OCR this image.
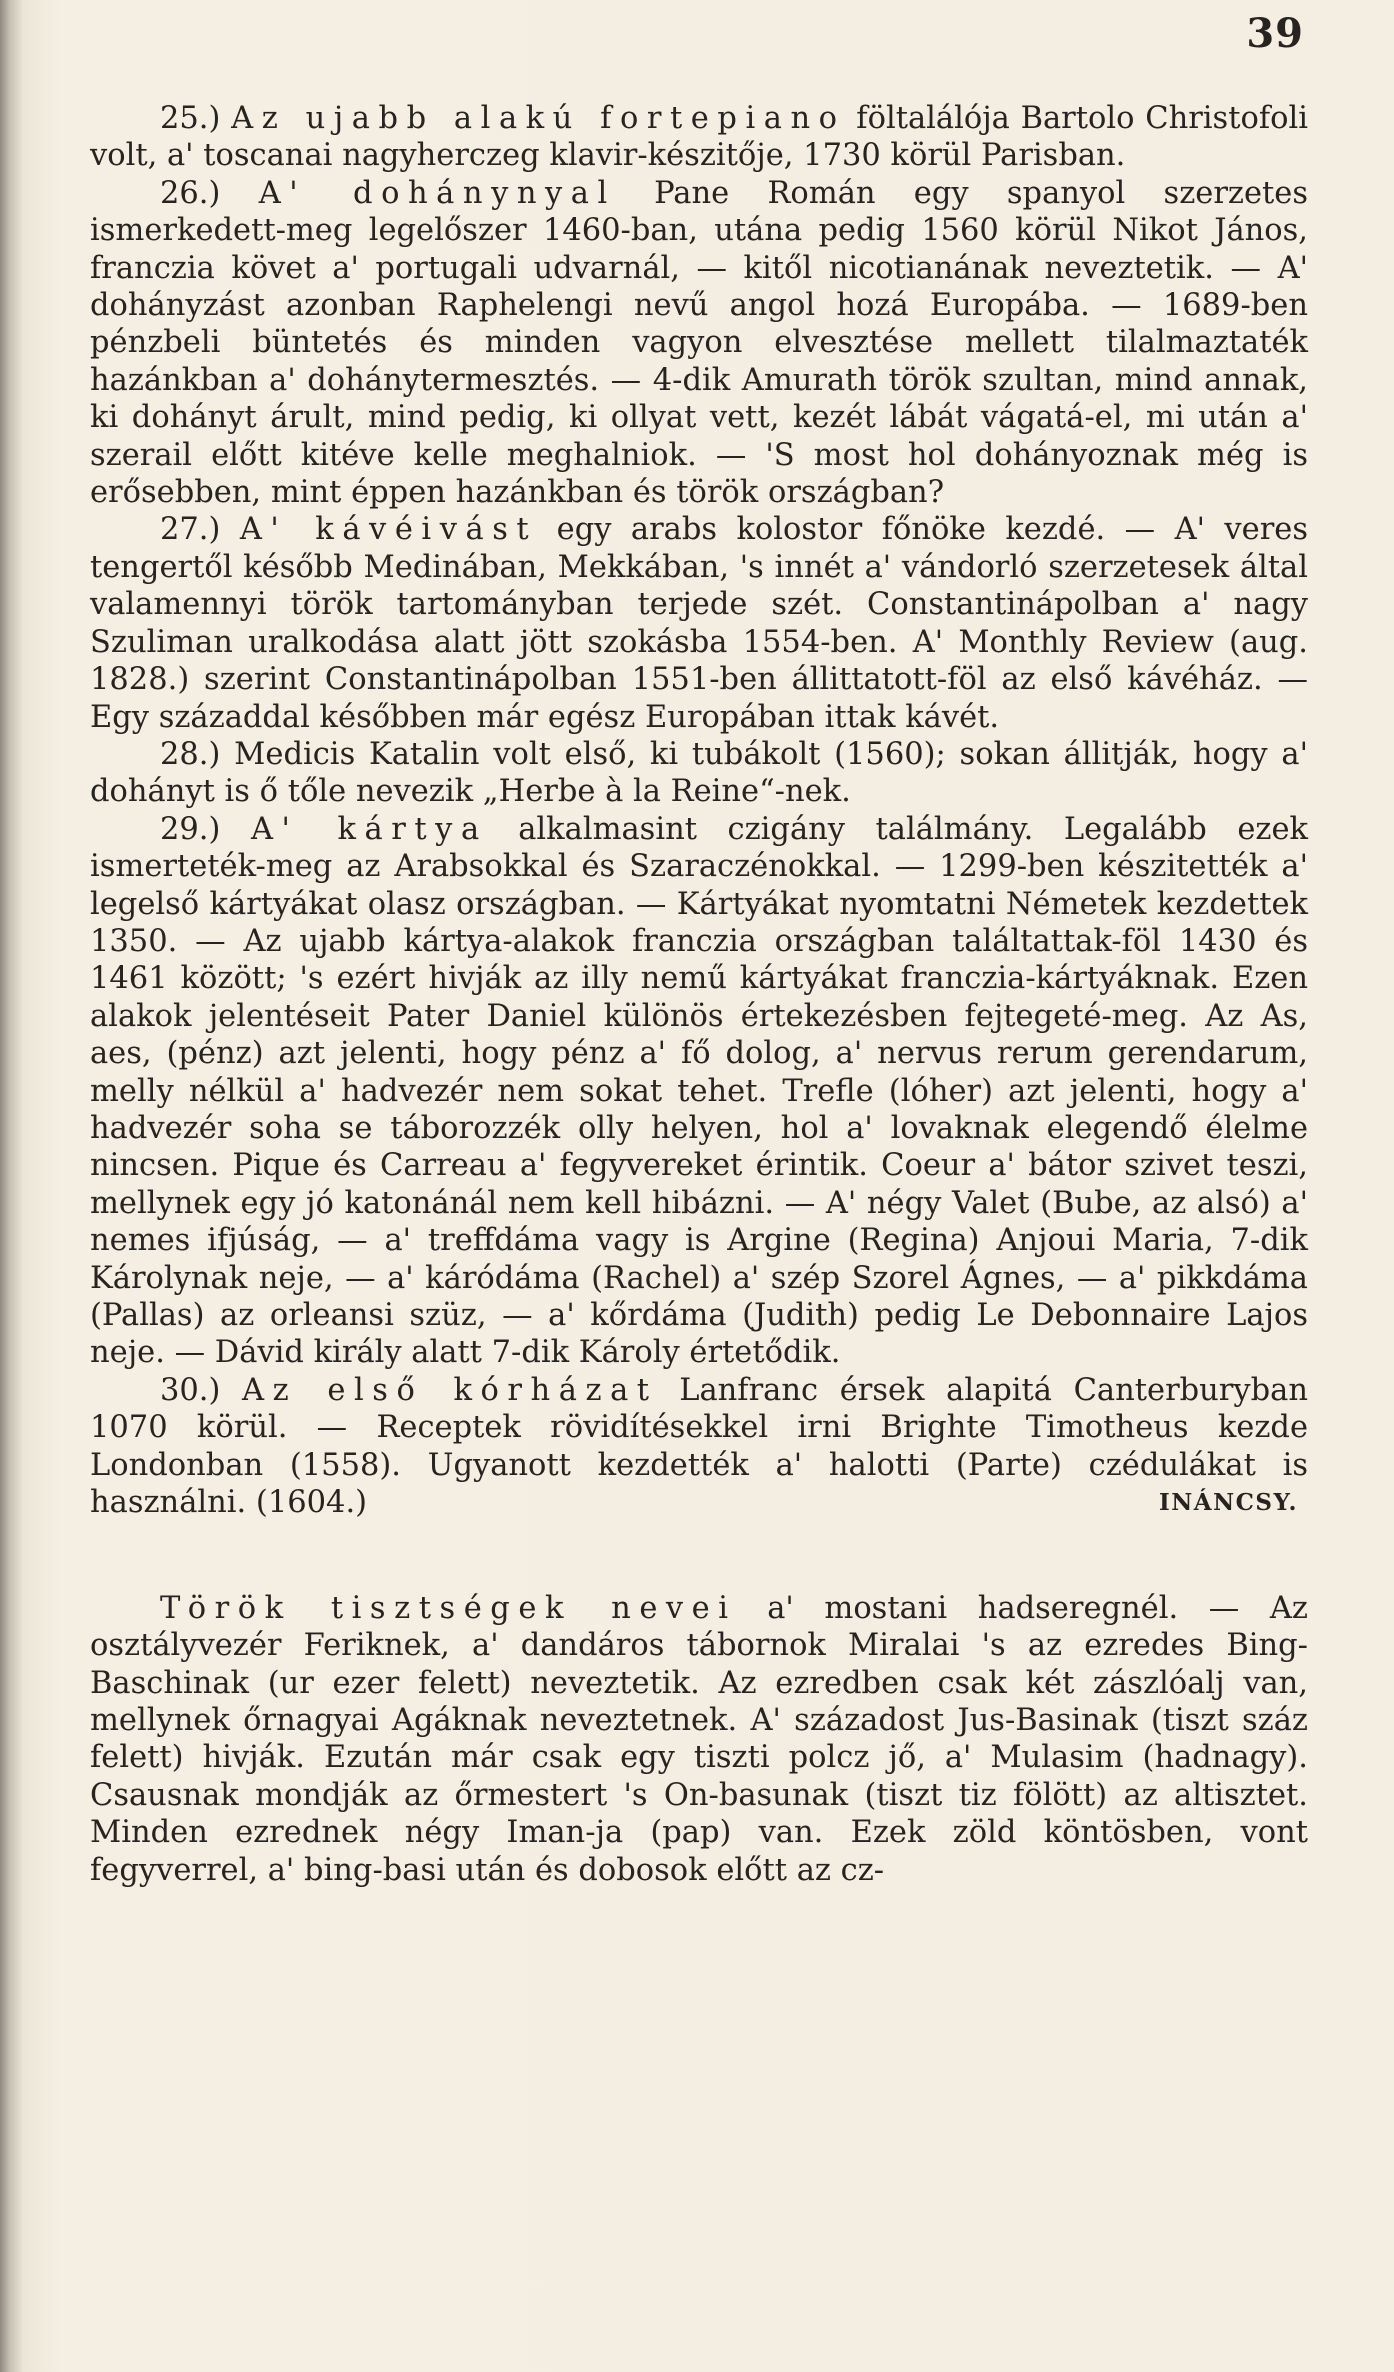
39

25.) Az ujabb alakú fortepiano föltalálója Bartolo Christofoli volt, a' toscanai nagyherczeg klavir-készitője, 1730 körül Parisban.

26.) A' dohánynyal Pane Román egy spanyol szerzetes ismerkedett-meg legelőszer 1460-ban, utána pedig 1560 körül Nikot János, franczia követ a' portugali udvarnál, — kitől nicotianának neveztetik. — A' dohányzást azonban Raphelengi nevű angol hozá Europába. — 1689-ben pénzbeli büntetés és minden vagyon elvesztése mellett tilalmaztaték hazánkban a' dohánytermesztés. — 4-dik Amurath török szultan, mind annak, ki dohányt árult, mind pedig, ki ollyat vett, kezét lábát vágatá-el, mi után a' szerail előtt kitéve kelle meghalniok. — 'S most hol dohányoznak még is erősebben, mint éppen hazánkban és török országban?

27.) A' kávéivást egy arabs kolostor főnöke kezdé. — A' veres tengertől később Medinában, Mekkában, 's innét a' vándorló szerzetesek által valamennyi török tartományban terjede szét. Constantinápolban a' nagy Szuliman uralkodása alatt jött szokásba 1554-ben. A' Monthly Review (aug. 1828.) szerint Constantinápolban 1551-ben állittatott-föl az első kávéház. — Egy századdal későbben már egész Europában ittak kávét.

28.) Medicis Katalin volt első, ki tubákolt (1560); sokan állitják, hogy a' dohányt is ő tőle nevezik „Herbe à la Reine“-nek.

29.) A' kártya alkalmasint czigány találmány. Legalább ezek ismerteték-meg az Arabsokkal és Szaraczénokkal. — 1299-ben készitették a' legelső kártyákat olasz országban. — Kártyákat nyomtatni Németek kezdettek 1350. — Az ujabb kártya-alakok franczia országban találtattak-föl 1430 és 1461 között; 's ezért hivják az illy nemű kártyákat franczia-kártyáknak. Ezen alakok jelentéseit Pater Daniel különös értekezésben fejtegeté-meg. Az As, aes, (pénz) azt jelenti, hogy pénz a' fő dolog, a' nervus rerum gerendarum, melly nélkül a' hadvezér nem sokat tehet. Trefle (lóher) azt jelenti, hogy a' hadvezér soha se táborozzék olly helyen, hol a' lovaknak elegendő élelme nincsen. Pique és Carreau a' fegyvereket érintik. Coeur a' bátor szivet teszi, mellynek egy jó katonánál nem kell hibázni. — A' négy Valet (Bube, az alsó) a' nemes ifjúság, — a' treffdáma vagy is Argine (Regina) Anjoui Maria, 7-dik Károlynak neje, — a' káródáma (Rachel) a' szép Szorel Ágnes, — a' pikkdáma (Pallas) az orleansi szüz, — a' kőrdáma (Judith) pedig Le Debonnaire Lajos neje. — Dávid király alatt 7-dik Károly értetődik.

30.) Az első kórházat Lanfranc érsek alapitá Canterburyban 1070 körül. — Receptek rövidítésekkel irni Brighte Timotheus kezde Londonban (1558). Ugyanott kezdették a' halotti (Parte) czédulákat is használni. (1604.)	INÁNCSY.

Török tisztségek nevei a' mostani hadseregnél. — Az osztályvezér Feriknek, a' dandáros tábornok Miralai 's az ezredes Bing-Baschinak (ur ezer felett) neveztetik. Az ezredben csak két zászlóalj van, mellynek őrnagyai Agáknak neveztetnek. A' századost Jus-Basinak (tiszt száz felett) hivják. Ezután már csak egy tiszti polcz jő, a' Mulasim (hadnagy). Csausnak mondják az őrmestert 's On-basunak (tiszt tiz fölött) az altisztet. Minden ezrednek négy Iman-ja (pap) van. Ezek zöld köntösben, vont fegyverrel, a' bing-basi után és dobosok előtt az cz-
